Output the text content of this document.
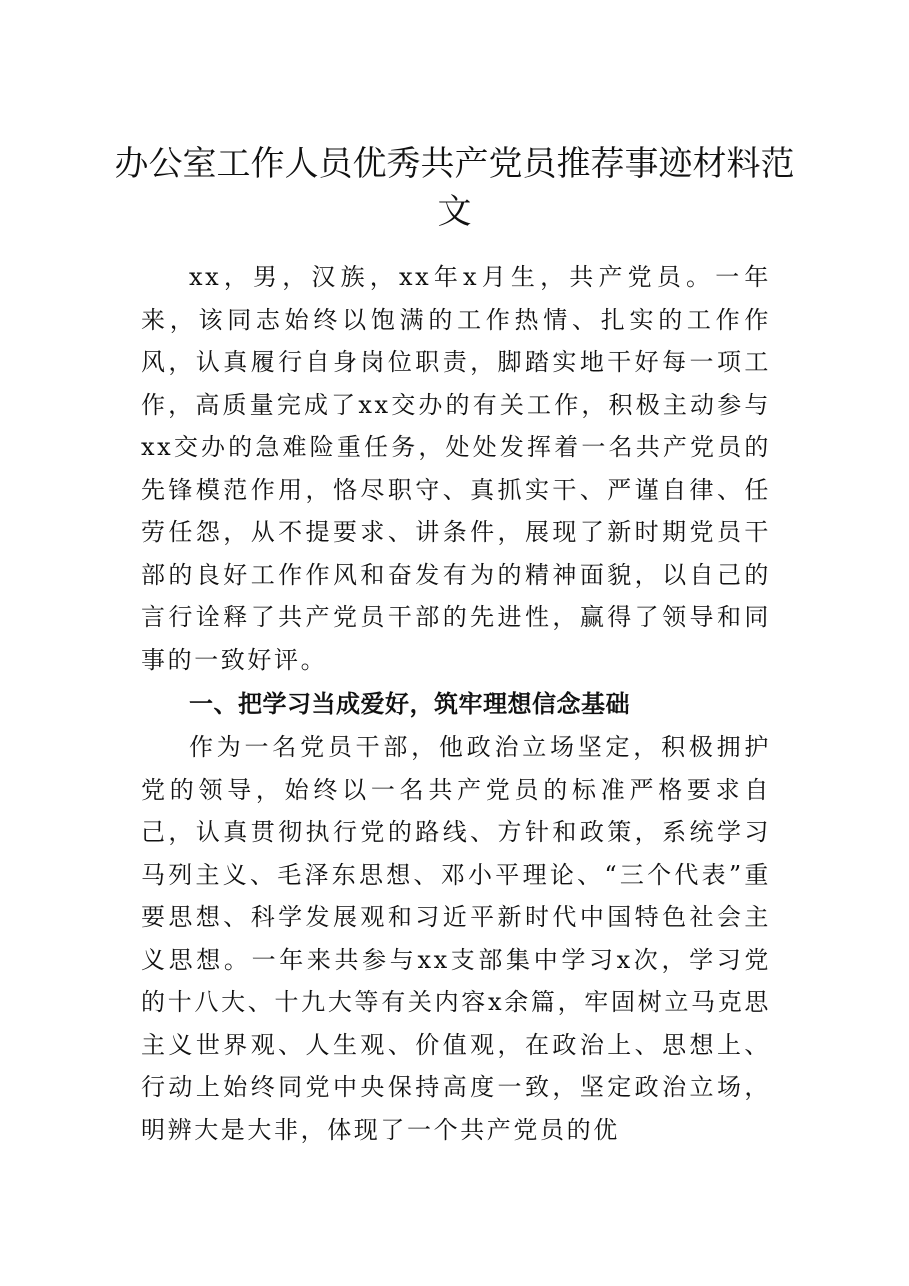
办公室工作人员优秀共产党员推荐事迹材料范文

xx，男，汉族，xx年x月生，共产党员。一年来，该同志始终以饱满的工作热情、扎实的工作作风，认真履行自身岗位职责，脚踏实地干好每一项工作，高质量完成了xx交办的有关工作，积极主动参与xx交办的急难险重任务，处处发挥着一名共产党员的先锋模范作用，恪尽职守、真抓实干、严谨自律、任劳任怨，从不提要求、讲条件，展现了新时期党员干部的良好工作作风和奋发有为的精神面貌，以自己的言行诠释了共产党员干部的先进性，赢得了领导和同事的一致好评。

一、把学习当成爱好，筑牢理想信念基础

作为一名党员干部，他政治立场坚定，积极拥护党的领导，始终以一名共产党员的标准严格要求自己，认真贯彻执行党的路线、方针和政策，系统学习马列主义、毛泽东思想、邓小平理论、“三个代表”重要思想、科学发展观和习近平新时代中国特色社会主义思想。一年来共参与xx支部集中学习x次，学习党的十八大、十九大等有关内容x余篇，牢固树立马克思主义世界观、人生观、价值观，在政治上、思想上、行动上始终同党中央保持高度一致，坚定政治立场，明辨大是大非，体现了一个共产党员的优
